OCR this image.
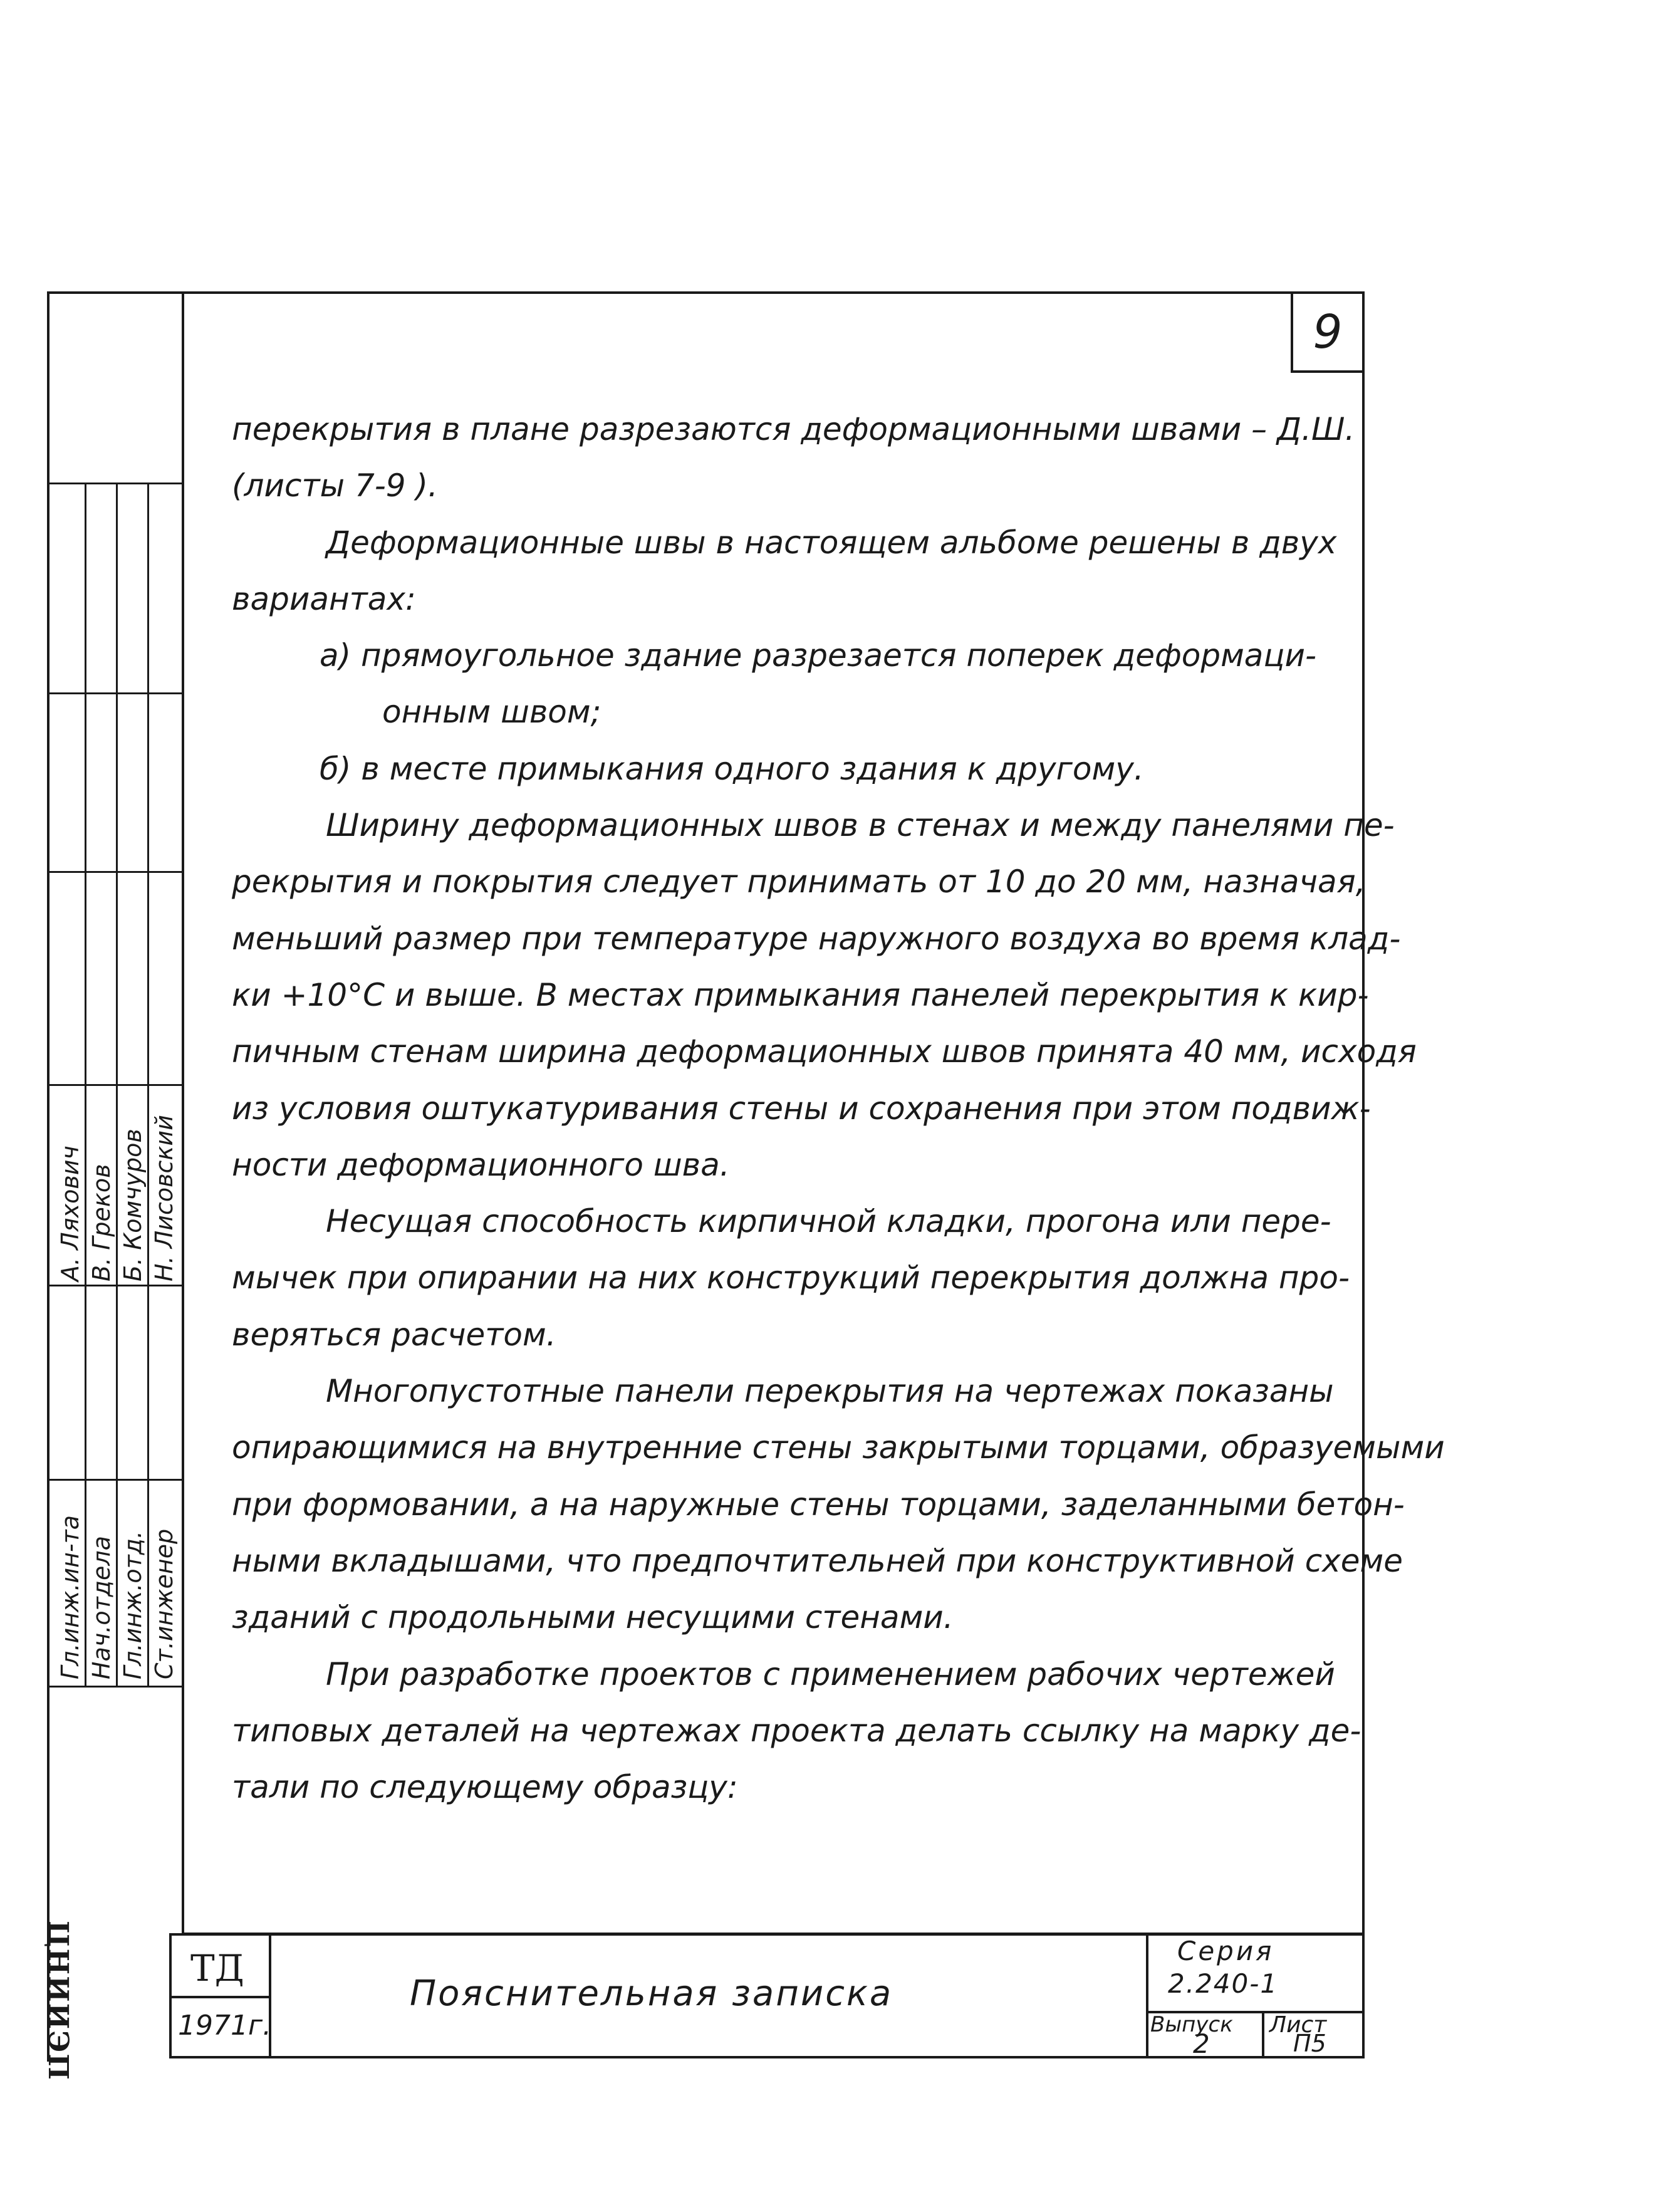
Н. Лисовский
Б. Комчуров
В. Греков
А. Ляхович
Ст.инженер
Гл.инж.отд.
Нач.отдела
Гл.инж.ин-та
ЦНИИЭП
9
перекрытия в плане разрезаются деформационными швами – Д.Ш.
(листы 7-9 ).
Деформационные швы в настоящем альбоме решены в двух
вариантах:
а) прямоугольное здание разрезается поперек деформаци-
онным швом;
б) в месте примыкания одного здания к другому.
Ширину деформационных швов в стенах и между панелями пе-
рекрытия и покрытия следует принимать от 10 до 20 мм, назначая,
меньший размер при температуре наружного воздуха во время клад-
ки +10°С и выше. В местах примыкания панелей перекрытия к кир-
пичным стенам ширина деформационных швов принята 40 мм, исходя
из условия оштукатуривания стены и сохранения при этом подвиж-
ности деформационного шва.
Несущая способность кирпичной кладки, прогона или пере-
мычек при опирании на них конструкций перекрытия должна про-
веряться расчетом.
Многопустотные панели перекрытия на чертежах показаны
опирающимися на внутренние стены закрытыми торцами, образуемыми
при формовании, а на наружные стены торцами, заделанными бетон-
ными вкладышами, что предпочтительней при конструктивной схеме
зданий с продольными несущими стенами.
При разработке проектов с применением рабочих чертежей
типовых деталей на чертежах проекта делать ссылку на марку де-
тали по следующему образцу:
ТД
1971г.
Пояснительная записка
Серия
2.240-1
Выпуск
2
Лист
П5
